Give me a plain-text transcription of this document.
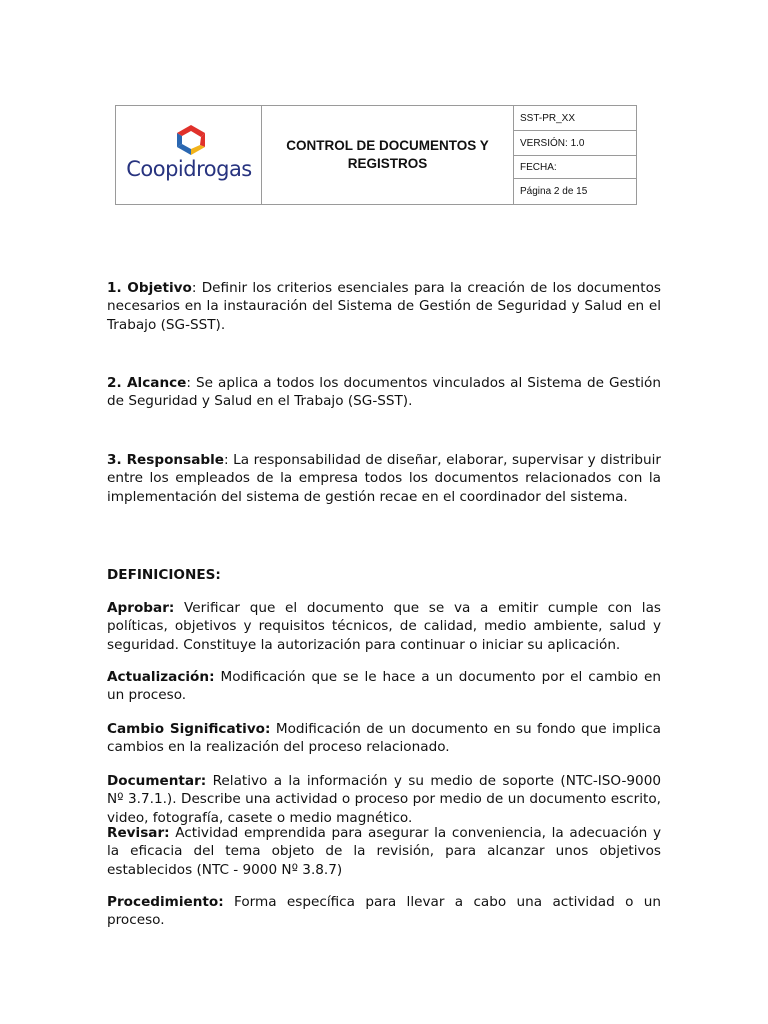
Coopidrogas
CONTROL DE DOCUMENTOS Y REGISTROS
SST-PR_XX
VERSIÓN: 1.0
FECHA:
Página 2 de 15

1. Objetivo: Definir los criterios esenciales para la creación de los documentos necesarios en la instauración del Sistema de Gestión de Seguridad y Salud en el Trabajo (SG-SST).

2. Alcance: Se aplica a todos los documentos vinculados al Sistema de Gestión de Seguridad y Salud en el Trabajo (SG-SST).

3. Responsable: La responsabilidad de diseñar, elaborar, supervisar y distribuir entre los empleados de la empresa todos los documentos relacionados con la implementación del sistema de gestión recae en el coordinador del sistema.

DEFINICIONES:

Aprobar: Verificar que el documento que se va a emitir cumple con las políticas, objetivos y requisitos técnicos, de calidad, medio ambiente, salud y seguridad. Constituye la autorización para continuar o iniciar su aplicación.

Actualización: Modificación que se le hace a un documento por el cambio en un proceso.

Cambio Significativo: Modificación de un documento en su fondo que implica cambios en la realización del proceso relacionado.

Documentar: Relativo a la información y su medio de soporte (NTC-ISO-9000 Nº 3.7.1.). Describe una actividad o proceso por medio de un documento escrito, video, fotografía, casete o medio magnético.

Revisar: Actividad emprendida para asegurar la conveniencia, la adecuación y la eficacia del tema objeto de la revisión, para alcanzar unos objetivos establecidos (NTC - 9000 Nº 3.8.7)

Procedimiento: Forma específica para llevar a cabo una actividad o un proceso.
